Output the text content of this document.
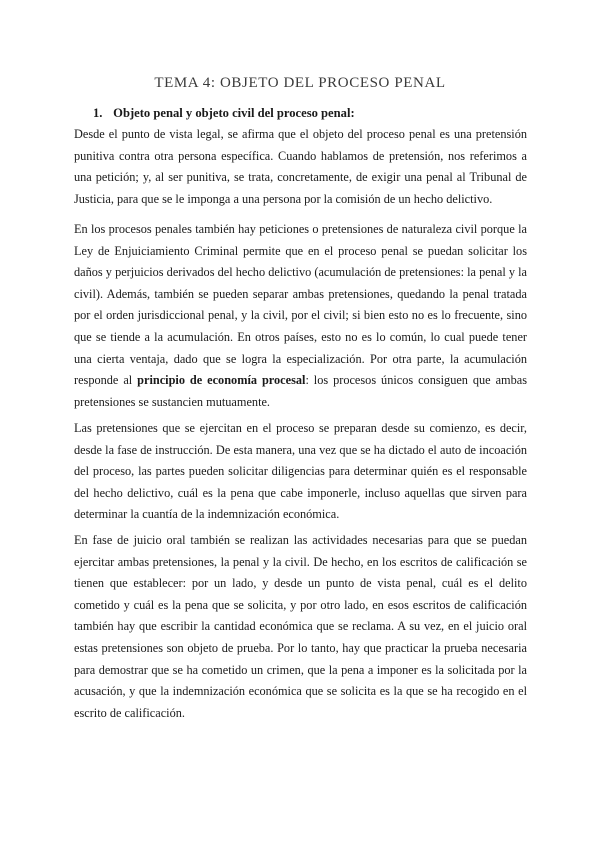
TEMA 4: OBJETO DEL PROCESO PENAL
1. Objeto penal y objeto civil del proceso penal:

Desde el punto de vista legal, se afirma que el objeto del proceso penal es una pretensión punitiva contra otra persona específica. Cuando hablamos de pretensión, nos referimos a una petición; y, al ser punitiva, se trata, concretamente, de exigir una penal al Tribunal de Justicia, para que se le imponga a una persona por la comisión de un hecho delictivo.

En los procesos penales también hay peticiones o pretensiones de naturaleza civil porque la Ley de Enjuiciamiento Criminal permite que en el proceso penal se puedan solicitar los daños y perjuicios derivados del hecho delictivo (acumulación de pretensiones: la penal y la civil). Además, también se pueden separar ambas pretensiones, quedando la penal tratada por el orden jurisdiccional penal, y la civil, por el civil; si bien esto no es lo frecuente, sino que se tiende a la acumulación. En otros países, esto no es lo común, lo cual puede tener una cierta ventaja, dado que se logra la especialización. Por otra parte, la acumulación responde al principio de economía procesal: los procesos únicos consiguen que ambas pretensiones se sustancien mutuamente.

Las pretensiones que se ejercitan en el proceso se preparan desde su comienzo, es decir, desde la fase de instrucción. De esta manera, una vez que se ha dictado el auto de incoación del proceso, las partes pueden solicitar diligencias para determinar quién es el responsable del hecho delictivo, cuál es la pena que cabe imponerle, incluso aquellas que sirven para determinar la cuantía de la indemnización económica.

En fase de juicio oral también se realizan las actividades necesarias para que se puedan ejercitar ambas pretensiones, la penal y la civil. De hecho, en los escritos de calificación se tienen que establecer: por un lado, y desde un punto de vista penal, cuál es el delito cometido y cuál es la pena que se solicita, y por otro lado, en esos escritos de calificación también hay que escribir la cantidad económica que se reclama. A su vez, en el juicio oral estas pretensiones son objeto de prueba. Por lo tanto, hay que practicar la prueba necesaria para demostrar que se ha cometido un crimen, que la pena a imponer es la solicitada por la acusación, y que la indemnización económica que se solicita es la que se ha recogido en el escrito de calificación.
